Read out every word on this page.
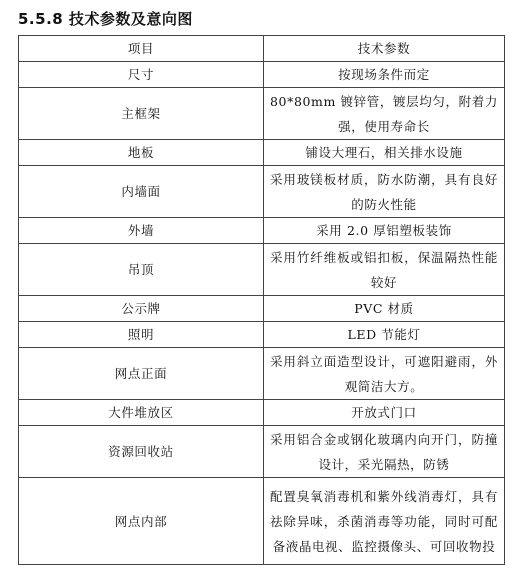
5.5.8 技术参数及意向图
项目	技术参数
尺寸	按现场条件而定
主框架	80*80mm 镀锌管，镀层均匀，附着力强，使用寿命长
地板	铺设大理石，相关排水设施
内墙面	采用玻镁板材质，防水防潮，具有良好的防火性能
外墙	采用 2.0 厚铝塑板装饰
吊顶	采用竹纤维板或铝扣板，保温隔热性能较好
公示牌	PVC 材质
照明	LED 节能灯
网点正面	采用斜立面造型设计，可遮阳避雨，外观简洁大方。
大件堆放区	开放式门口
资源回收站	采用铝合金或钢化玻璃内向开门，防撞设计，采光隔热，防锈
网点内部	配置臭氧消毒机和紫外线消毒灯，具有祛除异味，杀菌消毒等功能，同时可配备液晶电视、监控摄像头、可回收物投
